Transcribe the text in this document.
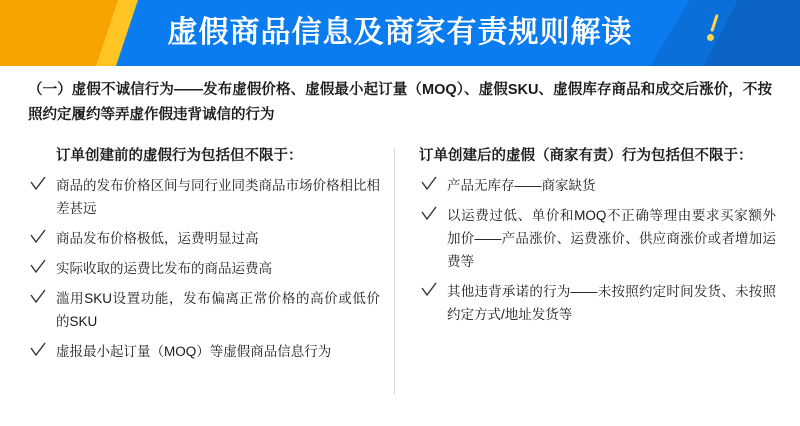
虚假商品信息及商家有责规则解读
（一）虚假不诚信行为——发布虚假价格、虚假最小起订量（MOQ）、虚假SKU、虚假库存商品和成交后涨价，不按照约定履约等弄虚作假违背诚信的行为
订单创建前的虚假行为包括但不限于：
商品的发布价格区间与同行业同类商品市场价格相比相差甚远
商品发布价格极低，运费明显过高
实际收取的运费比发布的商品运费高
滥用SKU设置功能，发布偏离正常价格的高价或低价的SKU
虚报最小起订量（MOQ）等虚假商品信息行为
订单创建后的虚假（商家有责）行为包括但不限于：
产品无库存——商家缺货
以运费过低、单价和MOQ不正确等理由要求买家额外加价——产品涨价、运费涨价、供应商涨价或者增加运费等
其他违背承诺的行为——未按照约定时间发货、未按照约定方式/地址发货等
